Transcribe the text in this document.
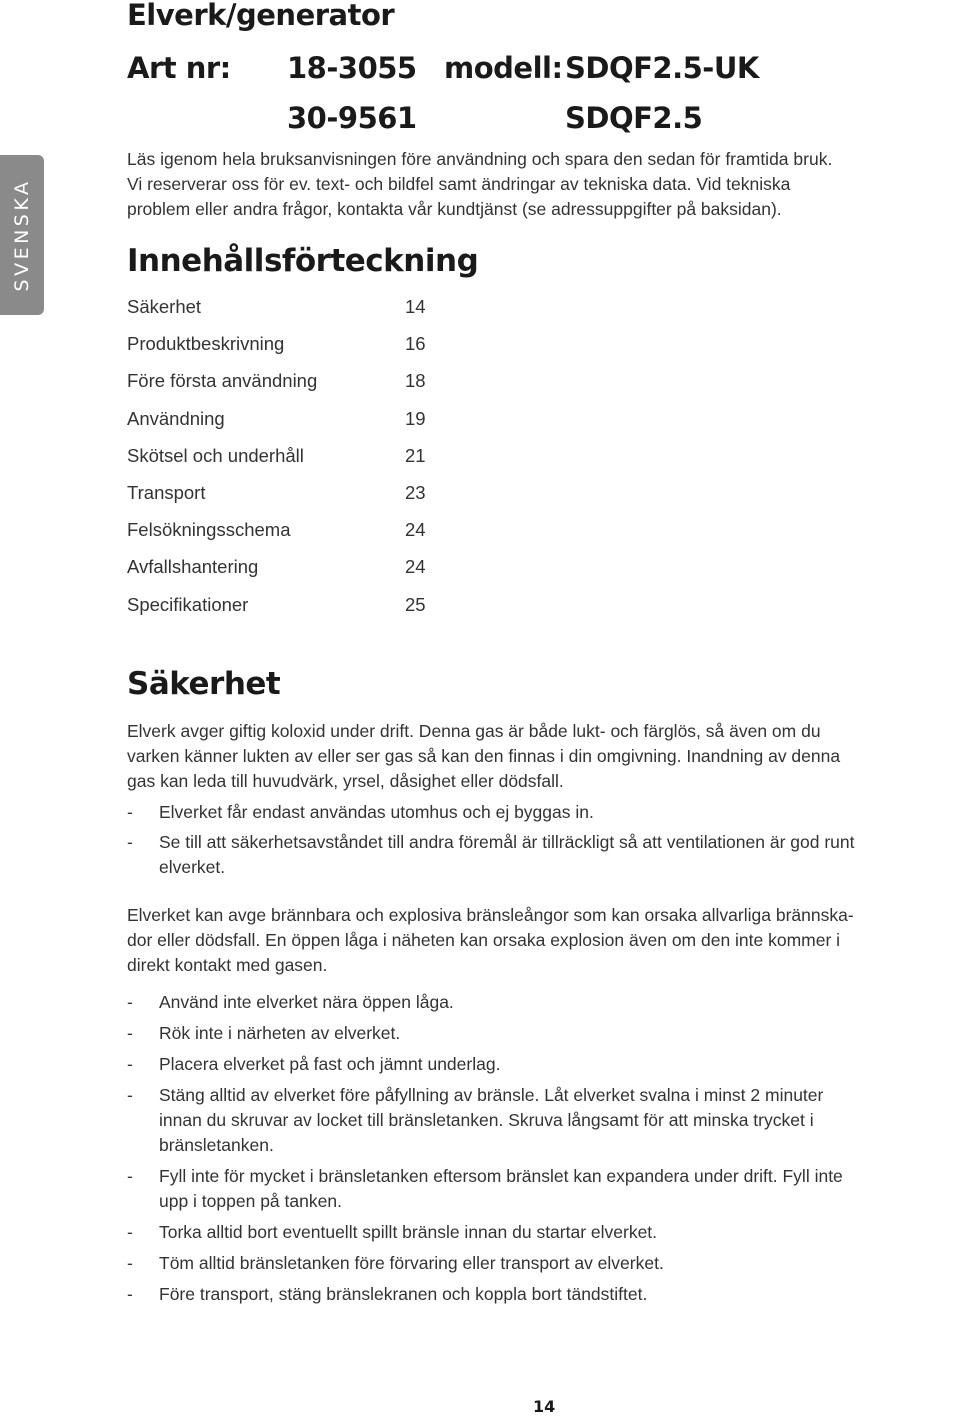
SVENSKA
Elverk/generator
Art nr: 18-3055 modell: SDQF2.5-UK
30-9561	SDQF2.5
Läs igenom hela bruksanvisningen före användning och spara den sedan för framtida bruk.
Vi reserverar oss för ev. text- och bildfel samt ändringar av tekniska data. Vid tekniska
problem eller andra frågor, kontakta vår kundtjänst (se adressuppgifter på baksidan).
Innehållsförteckning
Säkerhet	14
Produktbeskrivning	16
Före första användning	18
Användning	19
Skötsel och underhåll	21
Transport	23
Felsökningsschema	24
Avfallshantering	24
Specifikationer	25
Säkerhet
Elverk avger giftig koloxid under drift. Denna gas är både lukt- och färglös, så även om du
varken känner lukten av eller ser gas så kan den finnas i din omgivning. Inandning av denna
gas kan leda till huvudvärk, yrsel, dåsighet eller dödsfall.
- Elverket får endast användas utomhus och ej byggas in.
- Se till att säkerhetsavståndet till andra föremål är tillräckligt så att ventilationen är god runt
elverket.
Elverket kan avge brännbara och explosiva bränsleångor som kan orsaka allvarliga brännska-
dor eller dödsfall. En öppen låga i näheten kan orsaka explosion även om den inte kommer i
direkt kontakt med gasen.
- Använd inte elverket nära öppen låga.
- Rök inte i närheten av elverket.
- Placera elverket på fast och jämnt underlag.
- Stäng alltid av elverket före påfyllning av bränsle. Låt elverket svalna i minst 2 minuter
innan du skruvar av locket till bränsletanken. Skruva långsamt för att minska trycket i
bränsletanken.
- Fyll inte för mycket i bränsletanken eftersom bränslet kan expandera under drift. Fyll inte
upp i toppen på tanken.
- Torka alltid bort eventuellt spillt bränsle innan du startar elverket.
- Töm alltid bränsletanken före förvaring eller transport av elverket.
- Före transport, stäng bränslekranen och koppla bort tändstiftet.
14
